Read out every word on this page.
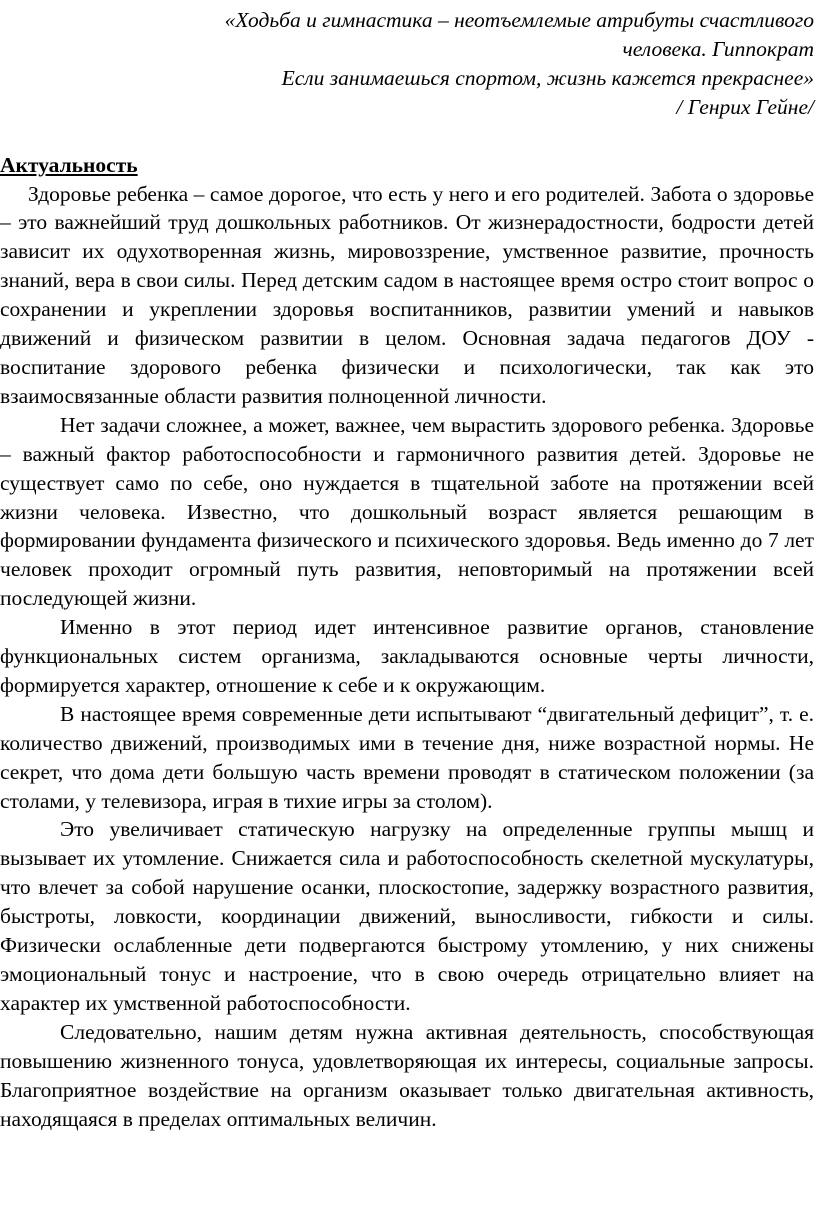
«Ходьба и гимнастика – неотъемлемые атрибуты счастливого

человека. Гиппократ

Если занимаешься спортом, жизнь кажется прекраснее»

/ Генрих Гейне/

Актуальность

Здоровье ребенка – самое дорогое, что есть у него и его родителей. Забота о здоровье – это важнейший труд дошкольных работников. От жизнерадостности, бодрости детей зависит их одухотворенная жизнь, мировоззрение, умственное развитие, прочность знаний, вера в свои силы. Перед детским садом в настоящее время остро стоит вопрос о сохранении и укреплении здоровья воспитанников, развитии умений и навыков движений и физическом развитии в целом. Основная задача педагогов ДОУ - воспитание здорового ребенка физически и психологически, так как это взаимосвязанные области развития полноценной личности.

Нет задачи сложнее, а может, важнее, чем вырастить здорового ребенка. Здоровье – важный фактор работоспособности и гармоничного развития детей. Здоровье не существует само по себе, оно нуждается в тщательной заботе на протяжении всей жизни человека. Известно, что дошкольный возраст является решающим в формировании фундамента физического и психического здоровья. Ведь именно до 7 лет человек проходит огромный путь развития, неповторимый на протяжении всей последующей жизни.

Именно в этот период идет интенсивное развитие органов, становление функциональных систем организма, закладываются основные черты личности, формируется характер, отношение к себе и к окружающим.

В настоящее время современные дети испытывают “двигательный дефицит”, т. е. количество движений, производимых ими в течение дня, ниже возрастной нормы. Не секрет, что дома дети большую часть времени проводят в статическом положении (за столами, у телевизора, играя в тихие игры за столом).

Это увеличивает статическую нагрузку на определенные группы мышц и вызывает их утомление. Снижается сила и работоспособность скелетной мускулатуры, что влечет за собой нарушение осанки, плоскостопие, задержку возрастного развития, быстроты, ловкости, координации движений, выносливости, гибкости и силы. Физически ослабленные дети подвергаются быстрому утомлению, у них снижены эмоциональный тонус и настроение, что в свою очередь отрицательно влияет на характер их умственной работоспособности.

Следовательно, нашим детям нужна активная деятельность, способствующая повышению жизненного тонуса, удовлетворяющая их интересы, социальные запросы. Благоприятное воздействие на организм оказывает только двигательная активность, находящаяся в пределах оптимальных величин.
